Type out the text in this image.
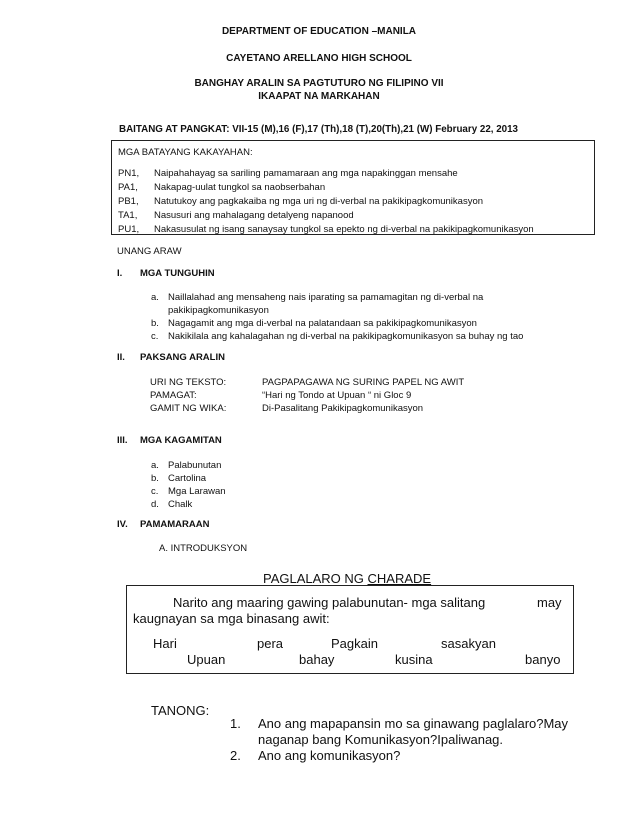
DEPARTMENT OF EDUCATION –MANILA
CAYETANO ARELLANO HIGH SCHOOL
BANGHAY ARALIN SA PAGTUTURO NG FILIPINO VII
IKAAPAT NA MARKAHAN
BAITANG AT PANGKAT: VII-15 (M),16 (F),17 (Th),18 (T),20(Th),21 (W) February 22, 2013
MGA BATAYANG KAKAYAHAN:
PN1, Naipahahayag sa sariling pamamaraan ang mga napakinggan mensahe
PA1, Nakapag-uulat tungkol sa naobserbahan
PB1, Natutukoy ang pagkakaiba ng mga uri ng di-verbal na pakikipagkomunikasyon
TA1, Nasusuri ang mahalagang detalyeng napanood
PU1, Nakasusulat ng isang sanaysay tungkol sa epekto ng di-verbal na pakikipagkomunikasyon
UNANG ARAW
I. MGA TUNGUHIN
a. Naillalahad ang mensaheng nais iparating sa pamamagitan ng di-verbal na
pakikipagkomunikasyon
b. Nagagamit ang mga di-verbal na palatandaan sa pakikipagkomunikasyon
c. Nakikilala ang kahalagahan ng di-verbal na pakikipagkomunikasyon sa buhay ng tao
II. PAKSANG ARALIN
URI NG TEKSTO:	PAGPAPAGAWA NG SURING PAPEL NG AWIT
PAMAGAT:	“Hari ng Tondo at Upuan “ ni Gloc 9
GAMIT NG WIKA:	Di-Pasalitang Pakikipagkomunikasyon
III. MGA KAGAMITAN
a. Palabunutan
b. Cartolina
c. Mga Larawan
d. Chalk
IV. PAMAMARAAN
A. INTRODUKSYON
PAGLALARO NG CHARADE
Narito ang maaring gawing palabunutan- mga salitang	may
kaugnayan sa mga binasang awit:
Hari	pera	Pagkain	sasakyan
Upuan	bahay	kusina	banyo
TANONG:
1. Ano ang mapapansin mo sa ginawang paglalaro?May
naganap bang Komunikasyon?Ipaliwanag.
2. Ano ang komunikasyon?
